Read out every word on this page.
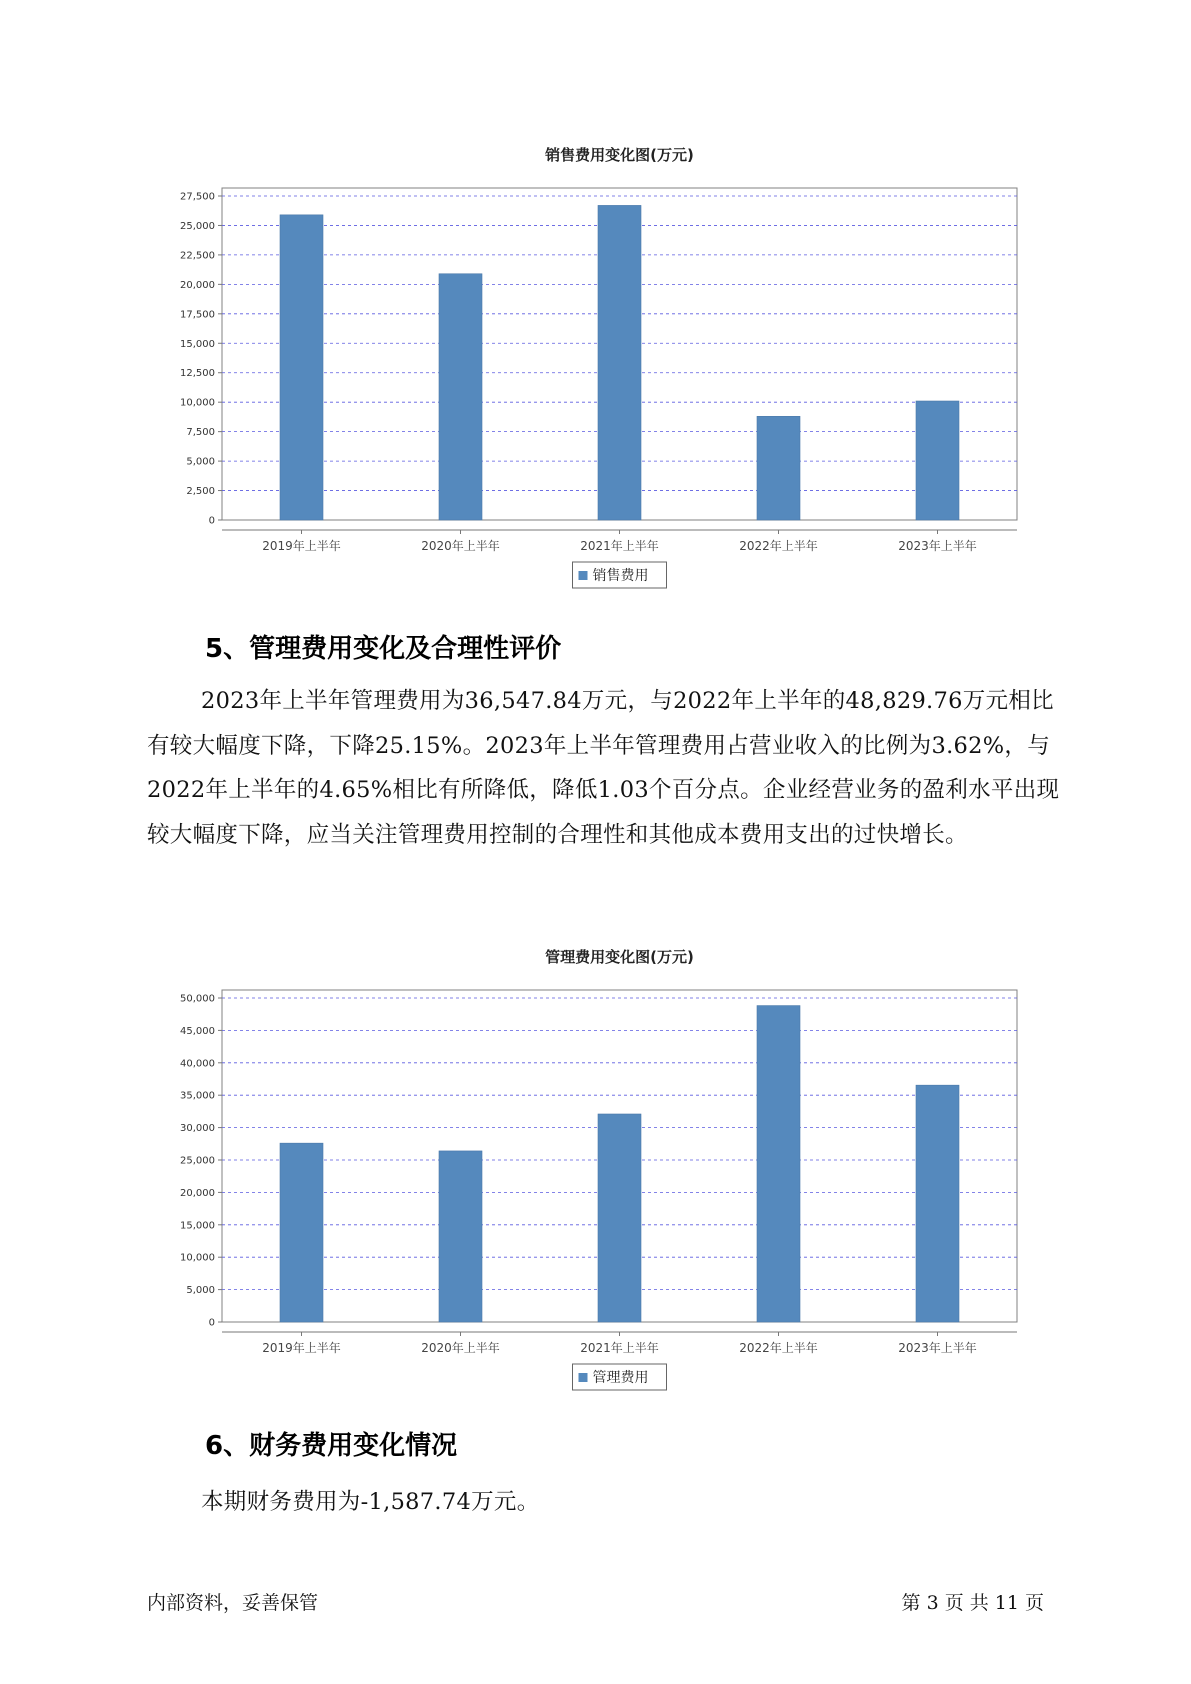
销售费用变化图(万元)
0
2,500
5,000
7,500
10,000
12,500
15,000
17,500
20,000
22,500
25,000
27,500
2019年上半年	2020年上半年	2021年上半年	2022年上半年	2023年上半年
销售费用
5、管理费用变化及合理性评价

2023年上半年管理费用为36,547.84万元，与2022年上半年的48,829.76万元相比有较大幅度下降，下降25.15%。2023年上半年管理费用占营业收入的比例为3.62%，与2022年上半年的4.65%相比有所降低，降低1.03个百分点。企业经营业务的盈利水平出现较大幅度下降，应当关注管理费用控制的合理性和其他成本费用支出的过快增长。

管理费用变化图(万元)
0
5,000
10,000
15,000
20,000
25,000
30,000
35,000
40,000
45,000
50,000
2019年上半年	2020年上半年	2021年上半年	2022年上半年	2023年上半年
管理费用
6、财务费用变化情况

本期财务费用为-1,587.74万元。

内部资料，妥善保管	第 3 页 共 11 页
